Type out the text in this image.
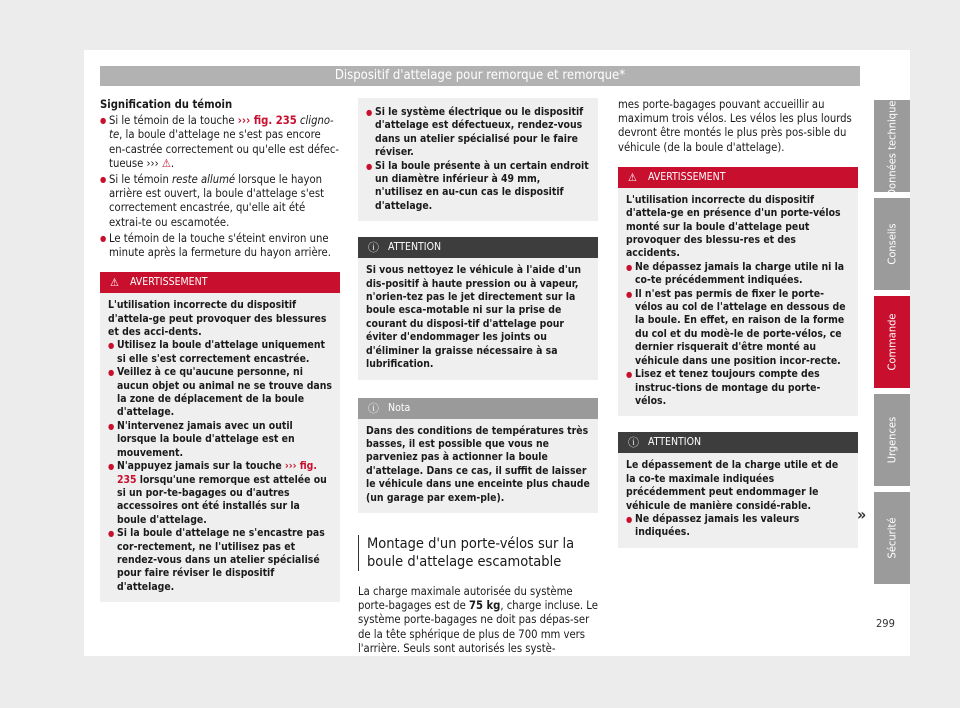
Dispositif d'attelage pour remorque et remorque*

Signification du témoin

● Si le témoin de la touche ››› fig. 235 cligno-te, la boule d'attelage ne s'est pas encore en-castrée correctement ou qu'elle est défec-tueuse ››› ⚠.

● Si le témoin reste allumé lorsque le hayon arrière est ouvert, la boule d'attelage s'est correctement encastrée, qu'elle ait été extrai-te ou escamotée.

● Le témoin de la touche s'éteint environ une minute après la fermeture du hayon arrière.

⚠ AVERTISSEMENT

L'utilisation incorrecte du dispositif d'attela-ge peut provoquer des blessures et des acci-dents.

● Utilisez la boule d'attelage uniquement si elle s'est correctement encastrée.

● Veillez à ce qu'aucune personne, ni aucun objet ou animal ne se trouve dans la zone de déplacement de la boule d'attelage.

● N'intervenez jamais avec un outil lorsque la boule d'attelage est en mouvement.

● N'appuyez jamais sur la touche ››› fig. 235 lorsqu'une remorque est attelée ou si un por-te-bagages ou d'autres accessoires ont été installés sur la boule d'attelage.

● Si la boule d'attelage ne s'encastre pas cor-rectement, ne l'utilisez pas et rendez-vous dans un atelier spécialisé pour faire réviser le dispositif d'attelage.

● Si le système électrique ou le dispositif d'attelage est défectueux, rendez-vous dans un atelier spécialisé pour le faire réviser.

● Si la boule présente à un certain endroit un diamètre inférieur à 49 mm, n'utilisez en au-cun cas le dispositif d'attelage.

ⓘ ATTENTION

Si vous nettoyez le véhicule à l'aide d'un dis-positif à haute pression ou à vapeur, n'orien-tez pas le jet directement sur la boule esca-motable ni sur la prise de courant du disposi-tif d'attelage pour éviter d'endommager les joints ou d'éliminer la graisse nécessaire à sa lubrification.

ⓘ Nota

Dans des conditions de températures très basses, il est possible que vous ne parveniez pas à actionner la boule d'attelage. Dans ce cas, il suffit de laisser le véhicule dans une enceinte plus chaude (un garage par exem-ple).

Montage d'un porte-vélos sur la boule d'attelage escamotable

La charge maximale autorisée du système porte-bagages est de 75 kg, charge incluse. Le système porte-bagages ne doit pas dépas-ser de la tête sphérique de plus de 700 mm vers l'arrière. Seuls sont autorisés les systè-

mes porte-bagages pouvant accueillir au maximum trois vélos. Les vélos les plus lourds devront être montés le plus près pos-sible du véhicule (de la boule d'attelage).

⚠ AVERTISSEMENT

L'utilisation incorrecte du dispositif d'attela-ge en présence d'un porte-vélos monté sur la boule d'attelage peut provoquer des blessu-res et des accidents.

● Ne dépassez jamais la charge utile ni la co-te précédemment indiquées.

● Il n'est pas permis de fixer le porte-vélos au col de l'attelage en dessous de la boule. En effet, en raison de la forme du col et du modè-le de porte-vélos, ce dernier risquerait d'être monté au véhicule dans une position incor-recte.

● Lisez et tenez toujours compte des instruc-tions de montage du porte-vélos.

ⓘ ATTENTION

Le dépassement de la charge utile et de la co-te maximale indiquées précédemment peut endommager le véhicule de manière considé-rable.

● Ne dépassez jamais les valeurs indiquées.

»
Données techniques
Conseils
Commande
Urgences
Sécurité
299
